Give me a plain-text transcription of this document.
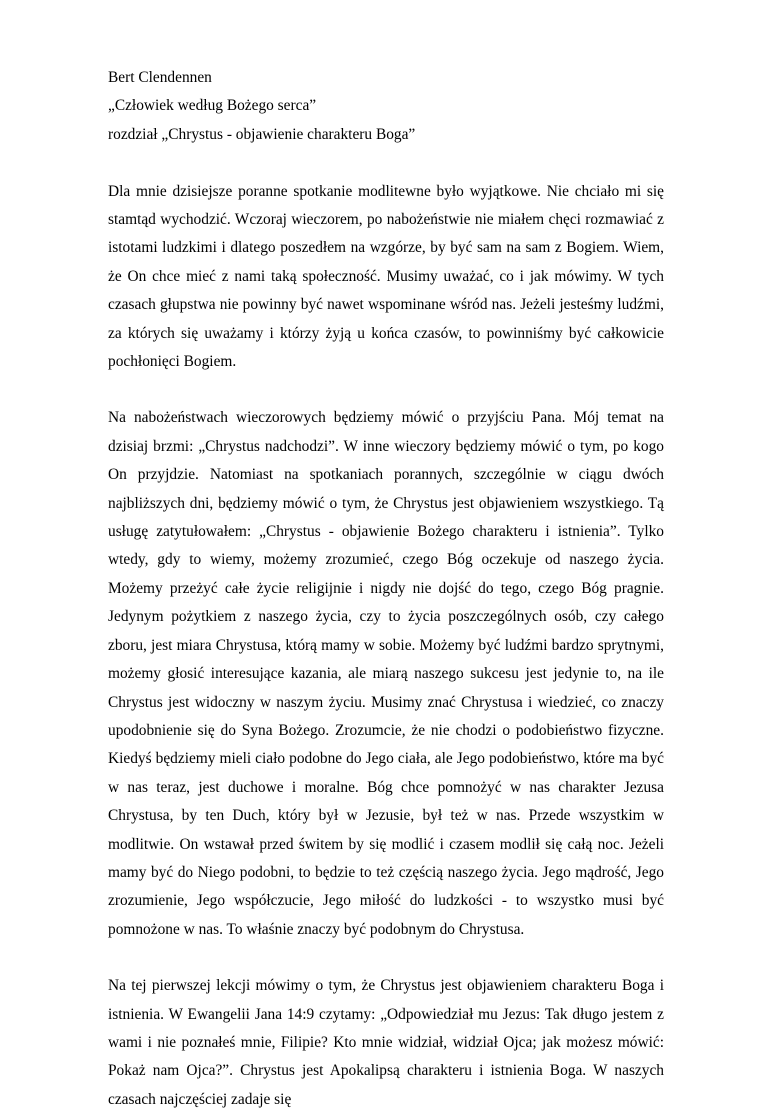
Bert Clendennen

„Człowiek według Bożego serca”

rozdział „Chrystus - objawienie charakteru Boga”

Dla mnie dzisiejsze poranne spotkanie modlitewne było wyjątkowe. Nie chciało mi się stamtąd wychodzić. Wczoraj wieczorem, po nabożeństwie nie miałem chęci rozmawiać z istotami ludzkimi i dlatego poszedłem na wzgórze, by być sam na sam z Bogiem. Wiem, że On chce mieć z nami taką społeczność. Musimy uważać, co i jak mówimy. W tych czasach głupstwa nie powinny być nawet wspominane wśród nas. Jeżeli jesteśmy ludźmi, za których się uważamy i którzy żyją u końca czasów, to powinniśmy być całkowicie pochłonięci Bogiem.

Na nabożeństwach wieczorowych będziemy mówić o przyjściu Pana. Mój temat na dzisiaj brzmi: „Chrystus nadchodzi”. W inne wieczory będziemy mówić o tym, po kogo On przyjdzie. Natomiast na spotkaniach porannych, szczególnie w ciągu dwóch najbliższych dni, będziemy mówić o tym, że Chrystus jest objawieniem wszystkiego. Tą usługę zatytułowałem: „Chrystus - objawienie Bożego charakteru i istnienia”. Tylko wtedy, gdy to wiemy, możemy zrozumieć, czego Bóg oczekuje od naszego życia. Możemy przeżyć całe życie religijnie i nigdy nie dojść do tego, czego Bóg pragnie. Jedynym pożytkiem z naszego życia, czy to życia poszczególnych osób, czy całego zboru, jest miara Chrystusa, którą mamy w sobie. Możemy być ludźmi bardzo sprytnymi, możemy głosić interesujące kazania, ale miarą naszego sukcesu jest jedynie to, na ile Chrystus jest widoczny w naszym życiu. Musimy znać Chrystusa i wiedzieć, co znaczy upodobnienie się do Syna Bożego. Zrozumcie, że nie chodzi o podobieństwo fizyczne. Kiedyś będziemy mieli ciało podobne do Jego ciała, ale Jego podobieństwo, które ma być w nas teraz, jest duchowe i moralne. Bóg chce pomnożyć w nas charakter Jezusa Chrystusa, by ten Duch, który był w Jezusie, był też w nas. Przede wszystkim w modlitwie. On wstawał przed świtem by się modlić i czasem modlił się całą noc. Jeżeli mamy być do Niego podobni, to będzie to też częścią naszego życia. Jego mądrość, Jego zrozumienie, Jego współczucie, Jego miłość do ludzkości - to wszystko musi być pomnożone w nas. To właśnie znaczy być podobnym do Chrystusa.

Na tej pierwszej lekcji mówimy o tym, że Chrystus jest objawieniem charakteru Boga i istnienia. W Ewangelii Jana 14:9 czytamy: „Odpowiedział mu Jezus: Tak długo jestem z wami i nie poznałeś mnie, Filipie? Kto mnie widział, widział Ojca; jak możesz mówić: Pokaż nam Ojca?”. Chrystus jest Apokalipsą charakteru i istnienia Boga. W naszych czasach najczęściej zadaje się
